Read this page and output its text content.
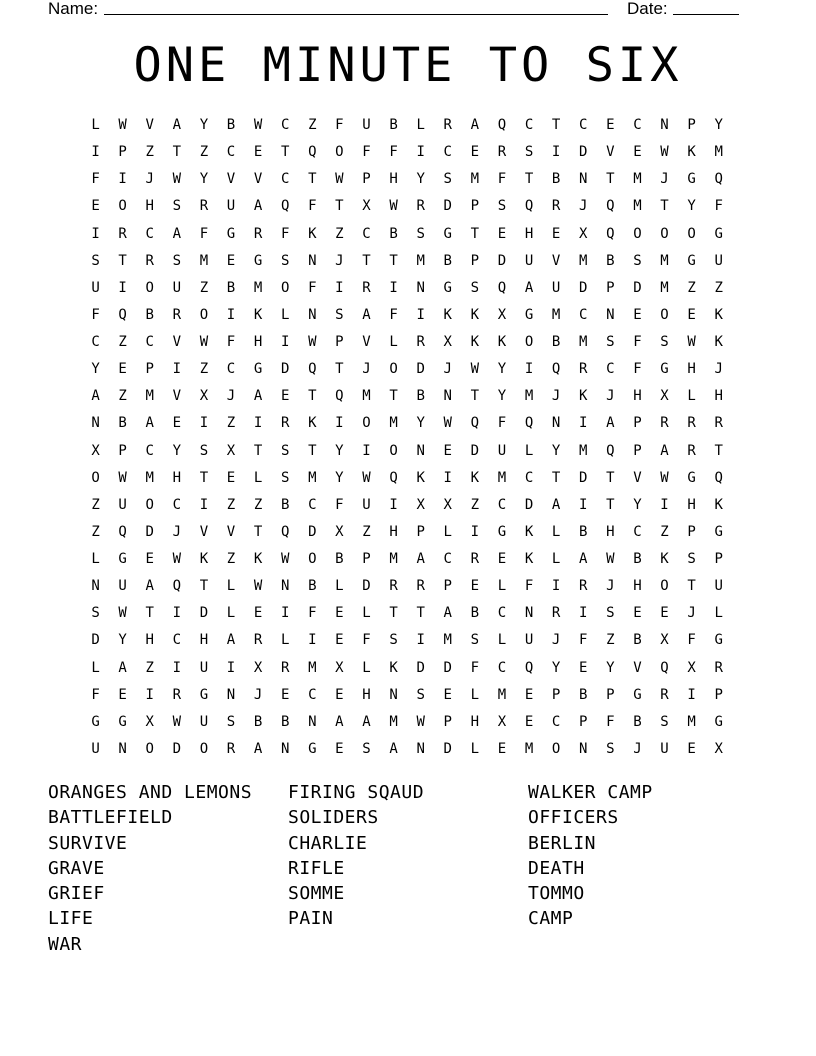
Name:	Date:
ONE MINUTE TO SIX
L	W	V	A	Y	B	W	C	Z	F	U	B	L	R	A	Q	C	T	C	E	C	N	P	Y
I	P	Z	T	Z	C	E	T	Q	O	F	F	I	C	E	R	S	I	D	V	E	W	K	M
F	I	J	W	Y	V	V	C	T	W	P	H	Y	S	M	F	T	B	N	T	M	J	G	Q
E	O	H	S	R	U	A	Q	F	T	X	W	R	D	P	S	Q	R	J	Q	M	T	Y	F
I	R	C	A	F	G	R	F	K	Z	C	B	S	G	T	E	H	E	X	Q	O	O	O	G
S	T	R	S	M	E	G	S	N	J	T	T	M	B	P	D	U	V	M	B	S	M	G	U
U	I	O	U	Z	B	M	O	F	I	R	I	N	G	S	Q	A	U	D	P	D	M	Z	Z
F	Q	B	R	O	I	K	L	N	S	A	F	I	K	K	X	G	M	C	N	E	O	E	K
C	Z	C	V	W	F	H	I	W	P	V	L	R	X	K	K	O	B	M	S	F	S	W	K
Y	E	P	I	Z	C	G	D	Q	T	J	O	D	J	W	Y	I	Q	R	C	F	G	H	J
A	Z	M	V	X	J	A	E	T	Q	M	T	B	N	T	Y	M	J	K	J	H	X	L	H
N	B	A	E	I	Z	I	R	K	I	O	M	Y	W	Q	F	Q	N	I	A	P	R	R	R
X	P	C	Y	S	X	T	S	T	Y	I	O	N	E	D	U	L	Y	M	Q	P	A	R	T
O	W	M	H	T	E	L	S	M	Y	W	Q	K	I	K	M	C	T	D	T	V	W	G	Q
Z	U	O	C	I	Z	Z	B	C	F	U	I	X	X	Z	C	D	A	I	T	Y	I	H	K
Z	Q	D	J	V	V	T	Q	D	X	Z	H	P	L	I	G	K	L	B	H	C	Z	P	G
L	G	E	W	K	Z	K	W	O	B	P	M	A	C	R	E	K	L	A	W	B	K	S	P
N	U	A	Q	T	L	W	N	B	L	D	R	R	P	E	L	F	I	R	J	H	O	T	U
S	W	T	I	D	L	E	I	F	E	L	T	T	A	B	C	N	R	I	S	E	E	J	L
D	Y	H	C	H	A	R	L	I	E	F	S	I	M	S	L	U	J	F	Z	B	X	F	G
L	A	Z	I	U	I	X	R	M	X	L	K	D	D	F	C	Q	Y	E	Y	V	Q	X	R
F	E	I	R	G	N	J	E	C	E	H	N	S	E	L	M	E	P	B	P	G	R	I	P
G	G	X	W	U	S	B	B	N	A	A	M	W	P	H	X	E	C	P	F	B	S	M	G
U	N	O	D	O	R	A	N	G	E	S	A	N	D	L	E	M	O	N	S	J	U	E	X
ORANGES AND LEMONS	FIRING SQAUD	WALKER CAMP
BATTLEFIELD	SOLIDERS	OFFICERS
SURVIVE	CHARLIE	BERLIN
GRAVE	RIFLE	DEATH
GRIEF	SOMME	TOMMO
LIFE	PAIN	CAMP
WAR
